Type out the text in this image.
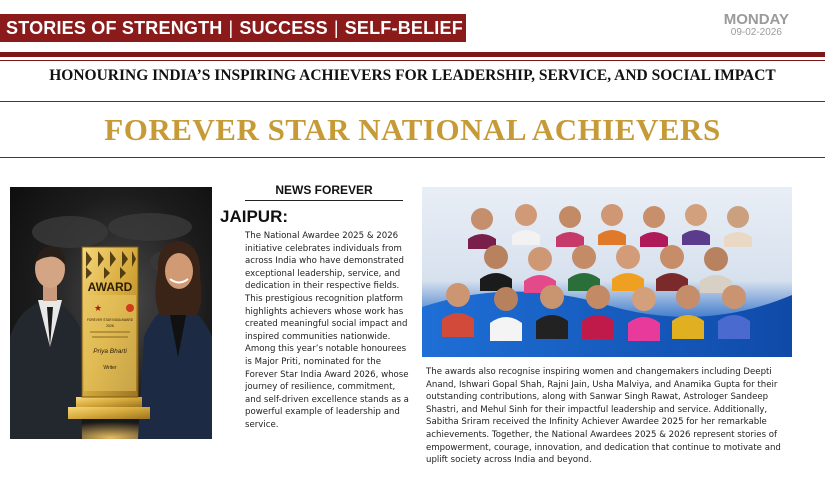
STORIES OF STRENGTH | SUCCESS | SELF-BELIEF	MONDAY
09-02-2026
HONOURING INDIA’S INSPIRING ACHIEVERS FOR LEADERSHIP, SERVICE, AND SOCIAL IMPACT
FOREVER STAR NATIONAL ACHIEVERS
AWARD
★
FOREVER STAR INDIA AWARD
2026
Priya Bharti
Writer
NEWS FOREVER
JAIPUR:
The National Awardee 2025 & 2026 initiative celebrates individuals from across India who have demonstrated exceptional leadership, service, and dedication in their respective fields. This prestigious recognition platform highlights achievers whose work has created meaningful social impact and inspired communities nationwide. Among this year’s notable honourees is Major Priti, nominated for the Forever Star India Award 2026, whose journey of resilience, commitment, and self-driven excellence stands as a powerful example of leadership and service.
The awards also recognise inspiring women and changemakers including Deepti Anand, Ishwari Gopal Shah, Rajni Jain, Usha Malviya, and Anamika Gupta for their outstanding contributions, along with Sanwar Singh Rawat, Astrologer Sandeep Shastri, and Mehul Sinh for their impactful leadership and service. Additionally, Sabitha Sriram received the Infinity Achiever Awardee 2025 for her remarkable achievements. Together, the National Awardees 2025 & 2026 represent stories of empowerment, courage, innovation, and dedication that continue to motivate and uplift society across India and beyond.
